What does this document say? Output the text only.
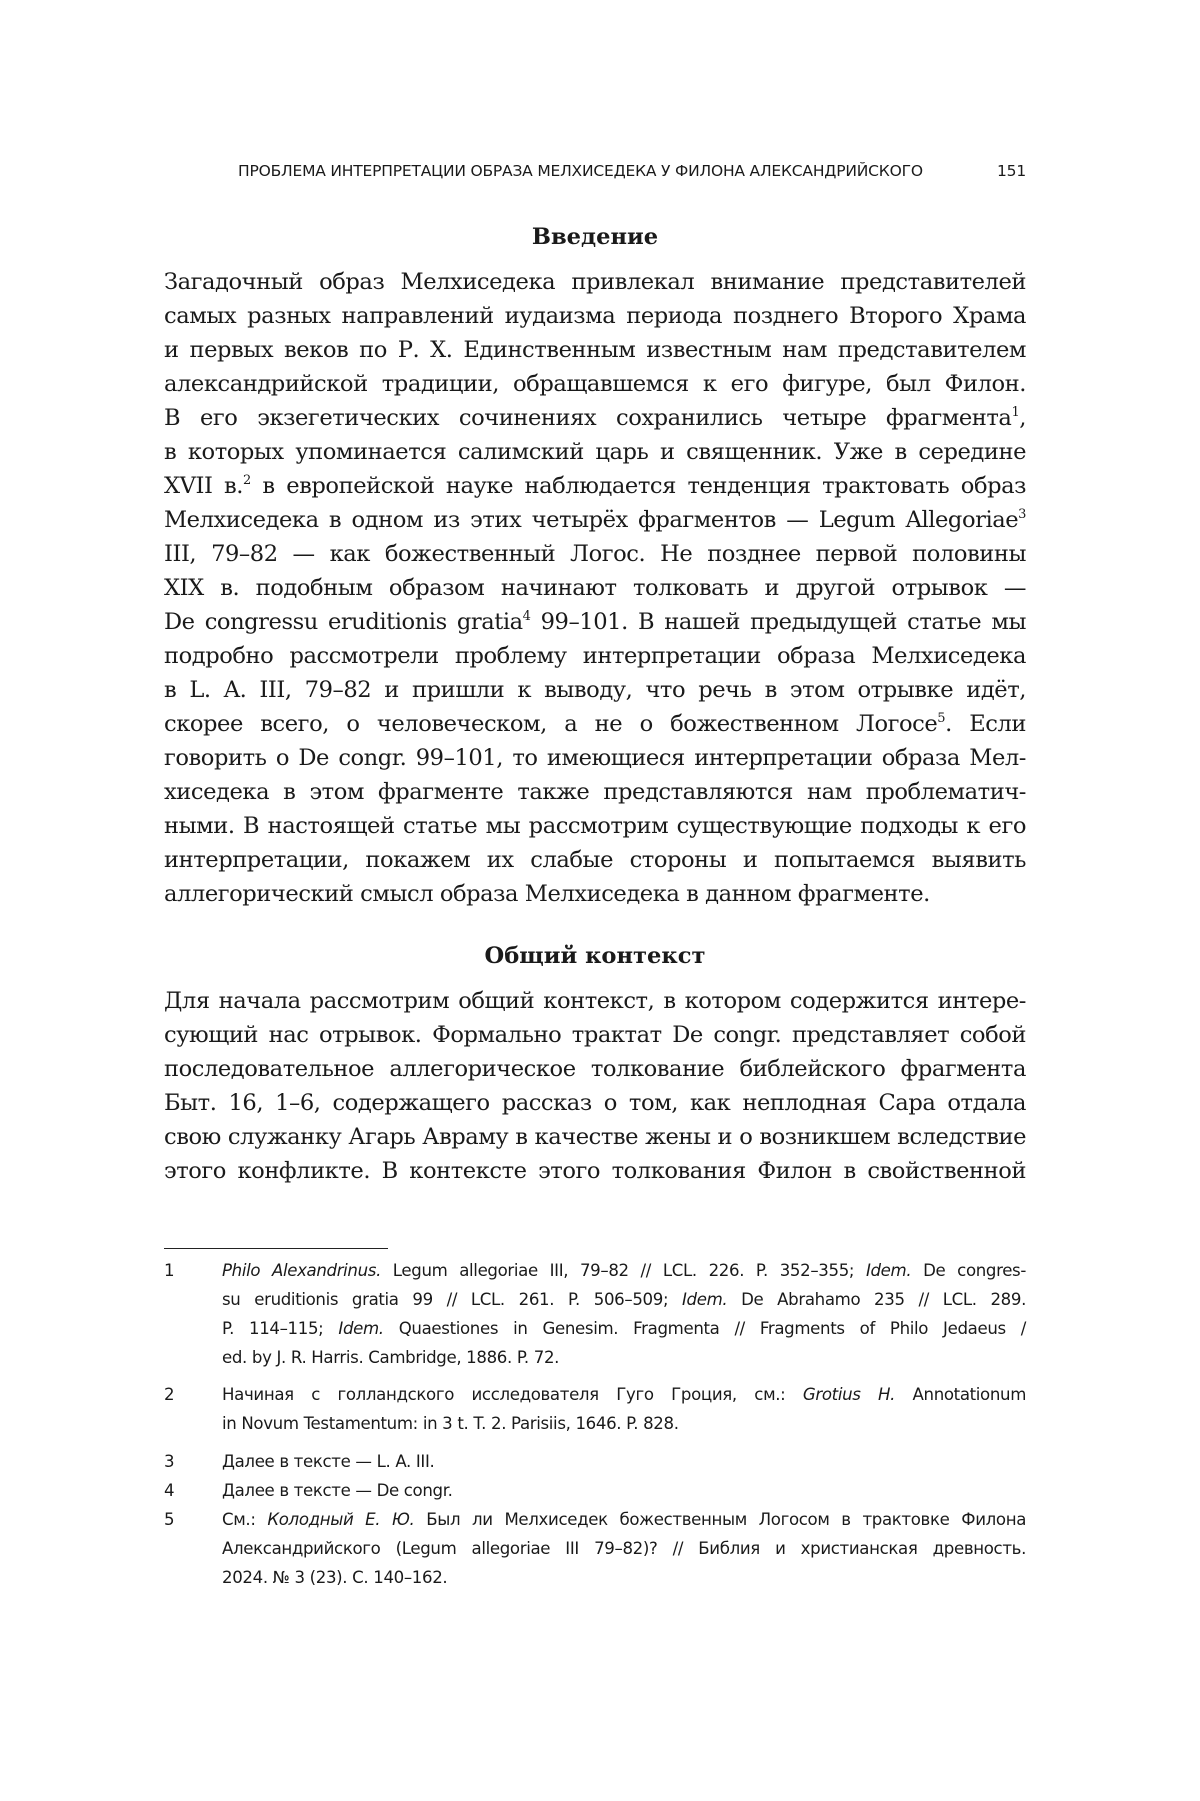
ПРОБЛЕМА ИНТЕРПРЕТАЦИИ ОБРАЗА МЕЛХИСЕДЕКА У ФИЛОНА АЛЕКСАНДРИЙСКОГО	151
Введение

Загадочный образ Мелхиседека привлекал внимание представителей

самых разных направлений иудаизма периода позднего Второго Храма

и первых веков по Р. Х. Единственным известным нам представителем

александрийской традиции, обращавшемся к его фигуре, был Филон.

В его экзегетических сочинениях сохранились четыре фрагмента$^1$,

в которых упоминается салимский царь и священник. Уже в середине

XVII в.$^2$ в европейской науке наблюдается тенденция трактовать образ

Мелхиседека в одном из этих четырёх фрагментов — Legum Allegoriae$^3$

III, 79–82 — как божественный Логос. Не позднее первой половины

XIX в. подобным образом начинают толковать и другой отрывок —

De congressu eruditionis gratia$^4$ 99–101. В нашей предыдущей статье мы

подробно рассмотрели проблему интерпретации образа Мелхиседека

в L. A. III, 79–82 и пришли к выводу, что речь в этом отрывке идёт,

скорее всего, о человеческом, а не о божественном Логосе$^5$. Если

говорить о De congr. 99–101, то имеющиеся интерпретации образа Мел-

хиседека в этом фрагменте также представляются нам проблематич-

ными. В настоящей статье мы рассмотрим существующие подходы к его

интерпретации, покажем их слабые стороны и попытаемся выявить

аллегорический смысл образа Мелхиседека в данном фрагменте.

Общий контекст

Для начала рассмотрим общий контекст, в котором содержится интере-

сующий нас отрывок. Формально трактат De congr. представляет собой

последовательное аллегорическое толкование библейского фрагмента

Быт. 16, 1–6, содержащего рассказ о том, как неплодная Сара отдала

свою служанку Агарь Авраму в качестве жены и о возникшем вследствие

этого конфликте. В контексте этого толкования Филон в свойственной

1	Philo Alexandrinus. Legum allegoriae III, 79–82 // LCL. 226. P. 352–355; Idem. De congres-
su eruditionis gratia 99 // LCL. 261. P. 506–509; Idem. De Abrahamo 235 // LCL. 289.
P. 114–115; Idem. Quaestiones in Genesim. Fragmenta // Fragments of Philo Jedaeus /
ed. by J. R. Harris. Cambridge, 1886. P. 72.
2	Начиная с голландского исследователя Гуго Гроция, см.: Grotius H. Annotationum
in Novum Testamentum: in 3 t. T. 2. Parisiis, 1646. P. 828.
3	Далее в тексте — L. A. III.
4	Далее в тексте — De congr.
5	См.: Колодный Е. Ю. Был ли Мелхиседек божественным Логосом в трактовке Филона
Александрийского (Legum allegoriae III 79–82)? // Библия и христианская древность.
2024. № 3 (23). С. 140–162.
